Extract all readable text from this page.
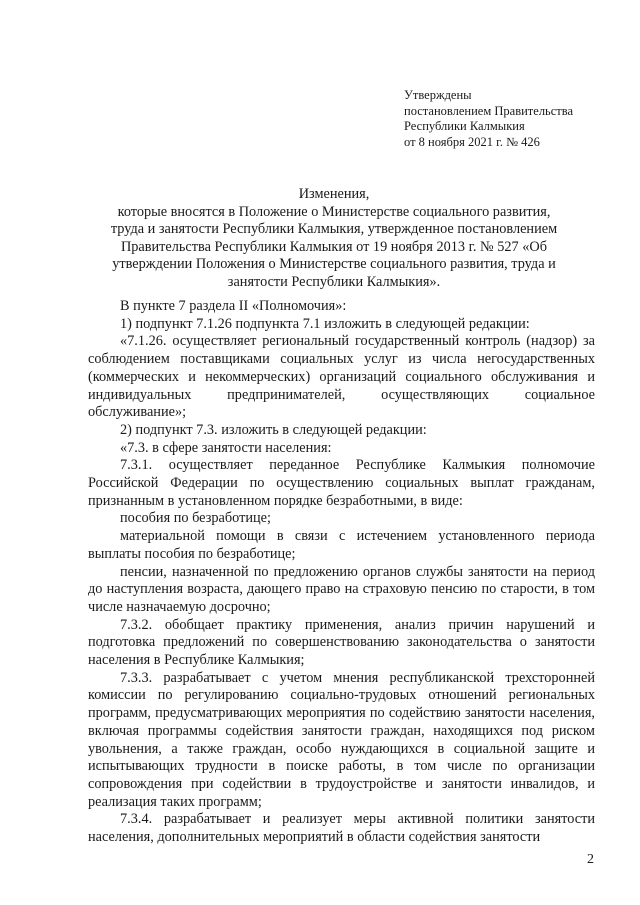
Утверждены
постановлением Правительства
Республики Калмыкия
от 8 ноября 2021 г. № 426
Изменения,
которые вносятся в Положение о Министерстве социального развития,
труда и занятости Республики Калмыкия, утвержденное постановлением
Правительства Республики Калмыкия от 19 ноября 2013 г. № 527 «Об
утверждении Положения о Министерстве социального развития, труда и
занятости Республики Калмыкия».
В пункте 7 раздела II «Полномочия»:
1) подпункт 7.1.26 подпункта 7.1 изложить в следующей редакции:
«7.1.26. осуществляет региональный государственный контроль (надзор) за соблюдением поставщиками социальных услуг из числа негосударственных (коммерческих и некоммерческих) организаций социального обслуживания и индивидуальных предпринимателей, осуществляющих социальное обслуживание»;
2) подпункт 7.3. изложить в следующей редакции:
«7.3. в сфере занятости населения:
7.3.1. осуществляет переданное Республике Калмыкия полномочие Российской Федерации по осуществлению социальных выплат гражданам, признанным в установленном порядке безработными, в виде:
пособия по безработице;
материальной помощи в связи с истечением установленного периода выплаты пособия по безработице;
пенсии, назначенной по предложению органов службы занятости на период до наступления возраста, дающего право на страховую пенсию по старости, в том числе назначаемую досрочно;
7.3.2. обобщает практику применения, анализ причин нарушений и подготовка предложений по совершенствованию законодательства о занятости населения в Республике Калмыкия;
7.3.3. разрабатывает с учетом мнения республиканской трехсторонней комиссии по регулированию социально-трудовых отношений региональных программ, предусматривающих мероприятия по содействию занятости населения, включая программы содействия занятости граждан, находящихся под риском увольнения, а также граждан, особо нуждающихся в социальной защите и испытывающих трудности в поиске работы, в том числе по организации сопровождения при содействии в трудоустройстве и занятости инвалидов, и реализация таких программ;
7.3.4. разрабатывает и реализует меры активной политики занятости населения, дополнительных мероприятий в области содействия занятости
2
